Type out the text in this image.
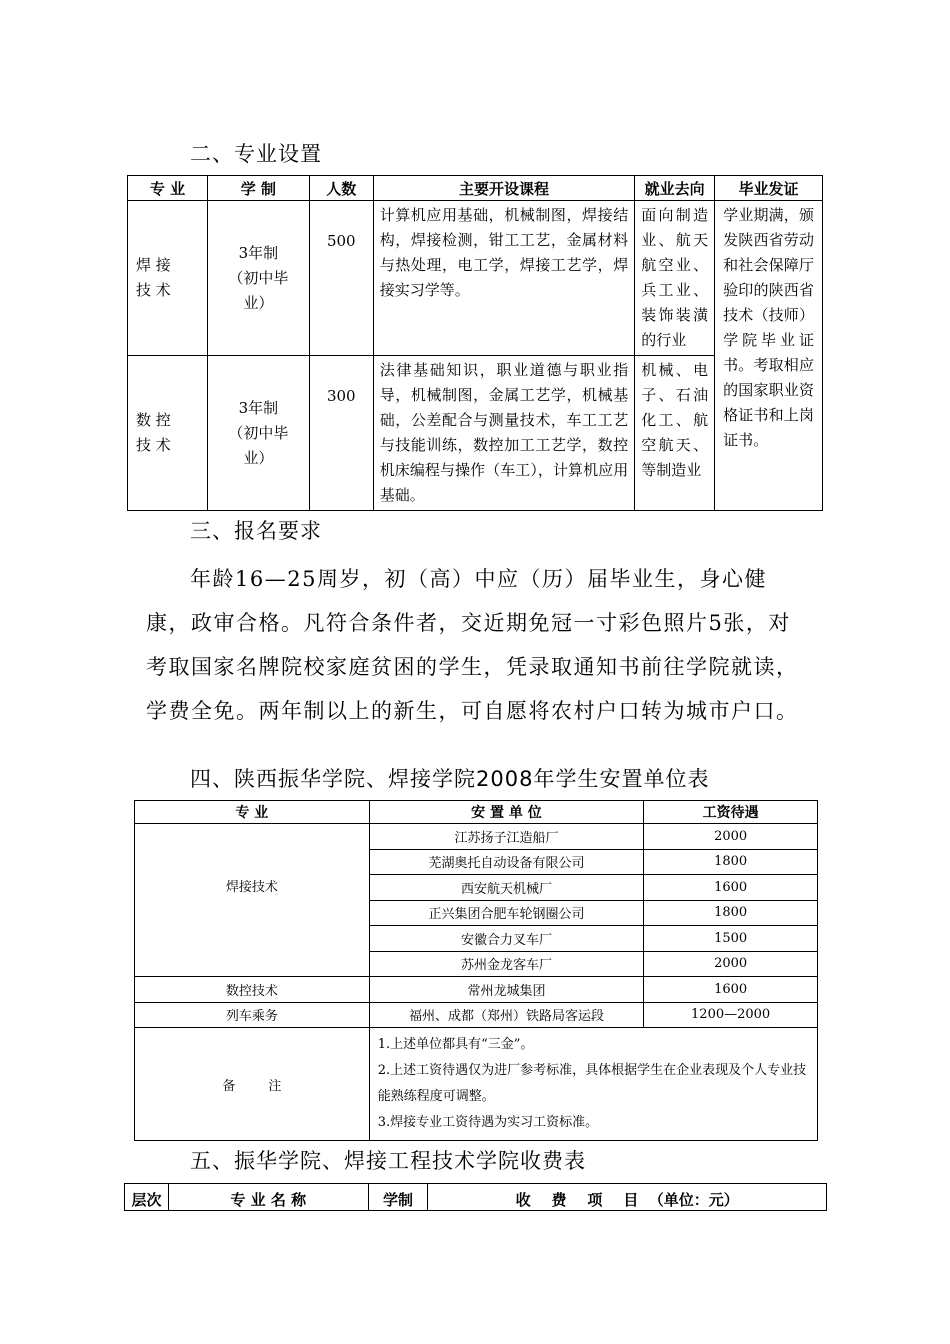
二、专业设置
专 业	学 制	人数	主要开设课程	就业去向	毕业发证
焊 接 技 术	3年制（初中毕业）	500	计算机应用基础，机械制图，焊接结构，焊接检测，钳工工艺，金属材料与热处理，电工学，焊接工艺学，焊接实习学等。	面向制造业、航天航空业、兵工业、装饰装潢的行业	学业期满，颁发陕西省劳动和社会保障厅验印的陕西省技术（技师）学院毕业证书。考取相应的国家职业资格证书和上岗证书。
数 控 技 术	3年制（初中毕业）	300	法律基础知识，职业道德与职业指导，机械制图，金属工艺学，机械基础，公差配合与测量技术，车工工艺与技能训练，数控加工工艺学，数控机床编程与操作（车工），计算机应用基础。	机械、电子、石油化工、航空航天、等制造业	
三、报名要求
年龄16—25周岁，初（高）中应（历）届毕业生，身心健康，政审合格。凡符合条件者，交近期免冠一寸彩色照片5张，对考取国家名牌院校家庭贫困的学生，凭录取通知书前往学院就读，学费全免。两年制以上的新生，可自愿将农村户口转为城市户口。
四、陕西振华学院、焊接学院2008年学生安置单位表
专 业	安 置 单 位	工资待遇
焊接技术	江苏扬子江造船厂	2000
	芜湖奥托自动设备有限公司	1800
	西安航天机械厂	1600
	正兴集团合肥车轮钢圈公司	1800
	安徽合力叉车厂	1500
	苏州金龙客车厂	2000
数控技术	常州龙城集团	1600
列车乘务	福州、成都（郑州）铁路局客运段	1200—2000
备        注	1.上述单位都具有“三金”。
2.上述工资待遇仅为进厂参考标准，具体根据学生在企业表现及个人专业技能熟练程度可调整。
3.焊接专业工资待遇为实习工资标准。	
五、振华学院、焊接工程技术学院收费表
层次	专 业 名 称	学制	收    费    项    目  （单位：元）
